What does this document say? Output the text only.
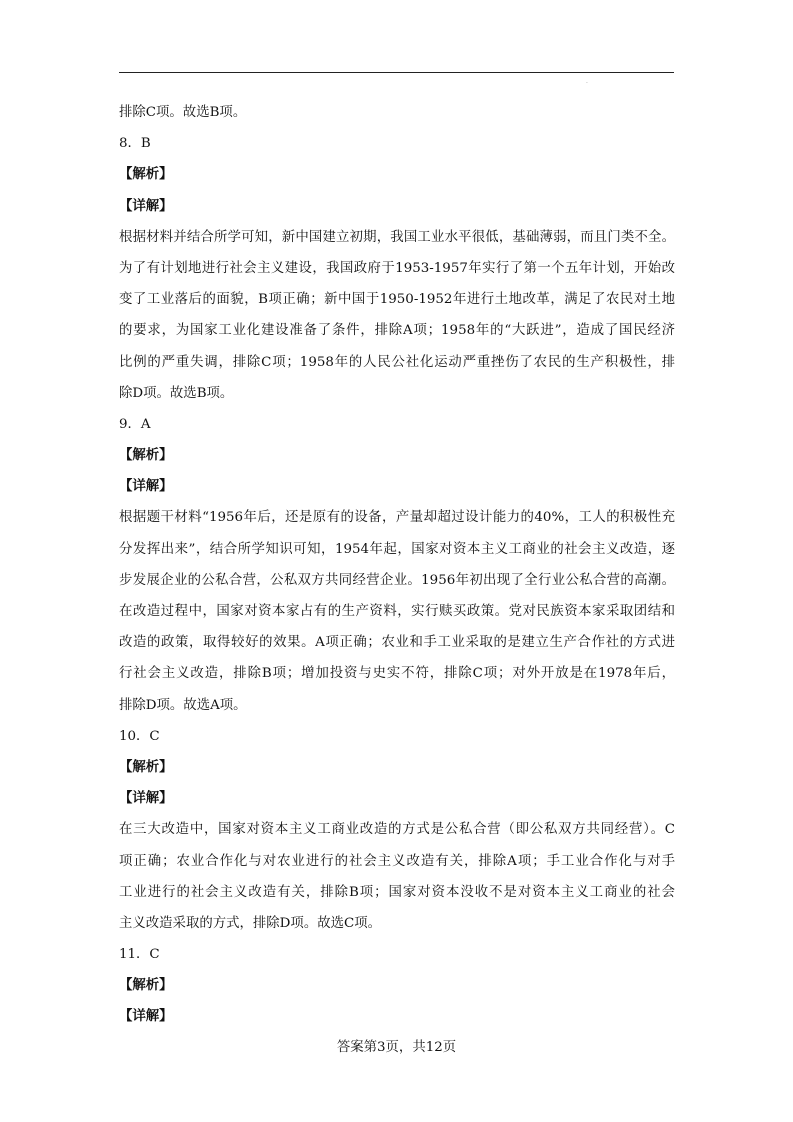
·
排除C项。故选B项。
8．B
【解析】
【详解】
根据材料并结合所学可知，新中国建立初期，我国工业水平很低，基础薄弱，而且门类不全。
为了有计划地进行社会主义建设，我国政府于1953-1957年实行了第一个五年计划，开始改
变了工业落后的面貌，B项正确；新中国于1950-1952年进行土地改革，满足了农民对土地
的要求，为国家工业化建设准备了条件，排除A项；1958年的“大跃进”，造成了国民经济
比例的严重失调，排除C项；1958年的人民公社化运动严重挫伤了农民的生产积极性，排
除D项。故选B项。
9．A
【解析】
【详解】
根据题干材料“1956年后，还是原有的设备，产量却超过设计能力的40%，工人的积极性充
分发挥出来”，结合所学知识可知，1954年起，国家对资本主义工商业的社会主义改造，逐
步发展企业的公私合营，公私双方共同经营企业。1956年初出现了全行业公私合营的高潮。
在改造过程中，国家对资本家占有的生产资料，实行赎买政策。党对民族资本家采取团结和
改造的政策，取得较好的效果。A项正确；农业和手工业采取的是建立生产合作社的方式进
行社会主义改造，排除B项；增加投资与史实不符，排除C项；对外开放是在1978年后，
排除D项。故选A项。
10．C
【解析】
【详解】
在三大改造中，国家对资本主义工商业改造的方式是公私合营（即公私双方共同经营）。C
项正确；农业合作化与对农业进行的社会主义改造有关，排除A项；手工业合作化与对手
工业进行的社会主义改造有关，排除B项；国家对资本没收不是对资本主义工商业的社会
主义改造采取的方式，排除D项。故选C项。
11．C
【解析】
【详解】
答案第3页，共12页
